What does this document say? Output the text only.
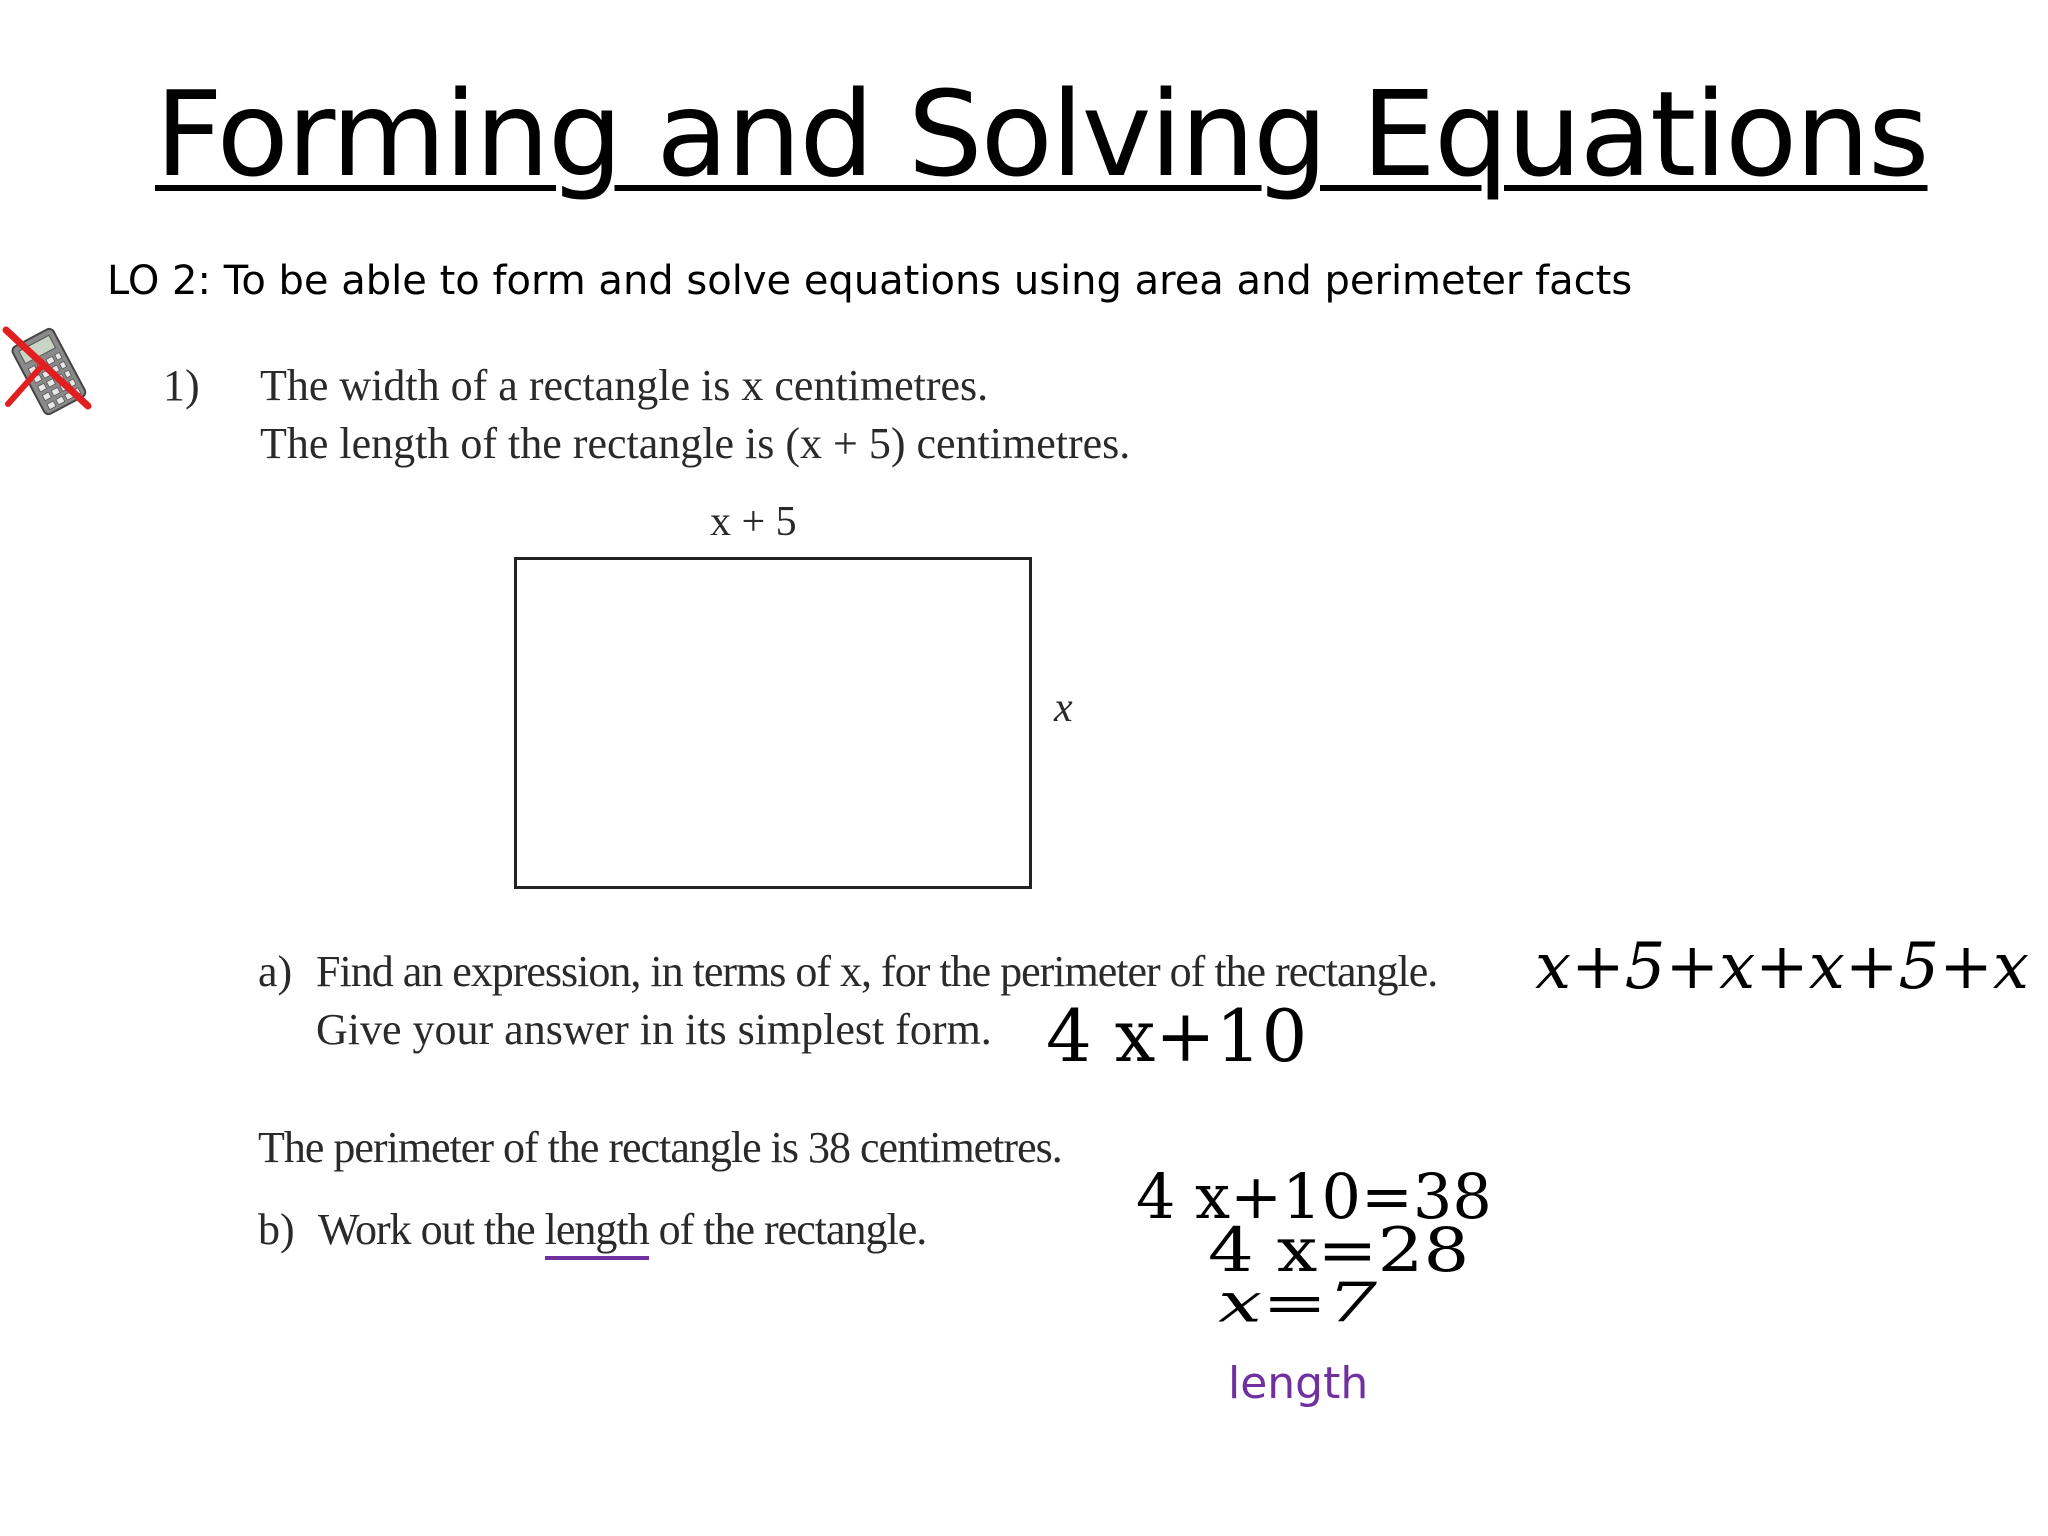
Forming and Solving Equations
LO 2: To be able to form and solve equations using area and perimeter facts
1) The width of a rectangle is x centimetres.
The length of the rectangle is (x + 5) centimetres.
x + 5
x
a) Find an expression, in terms of x, for the perimeter of the rectangle.
Give your answer in its simplest form.
The perimeter of the rectangle is 38 centimetres.
b) Work out the length of the rectangle.
x+5+x+x+5+x
4 x+10
4 x+10=38
4 x=28
x=7
length
